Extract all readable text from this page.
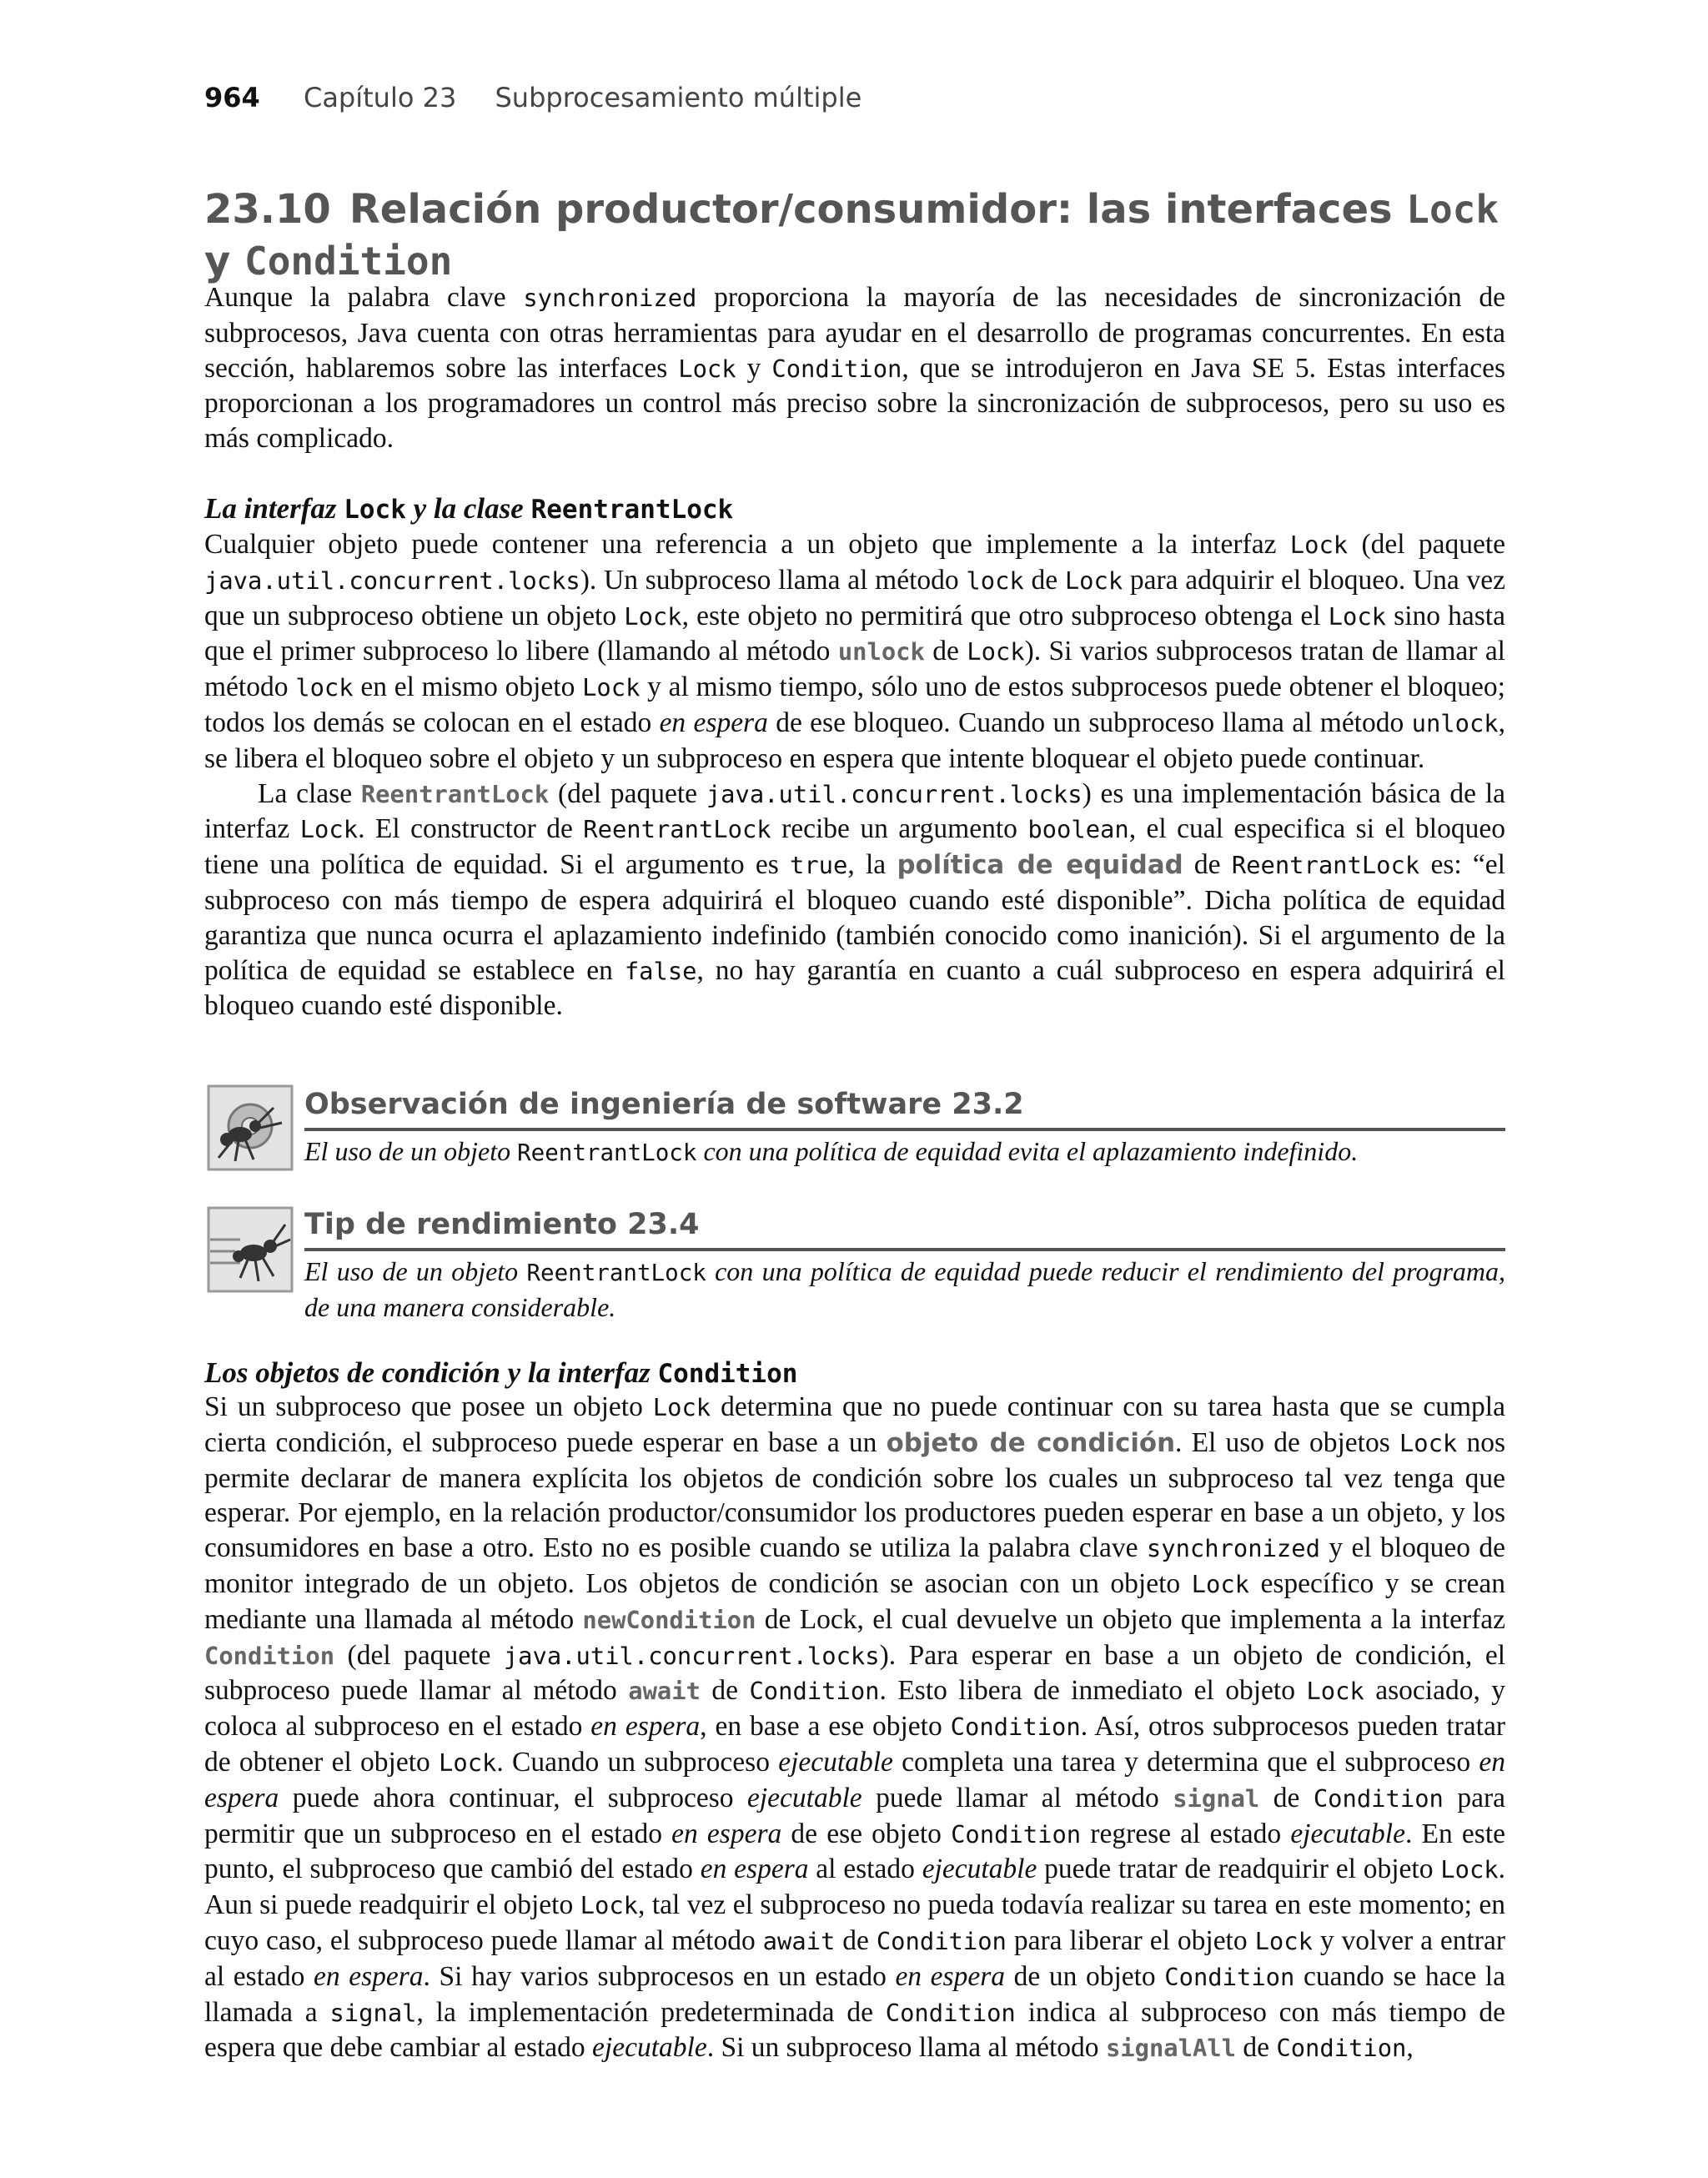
964 Capítulo 23 Subprocesamiento múltiple
23.10 Relación productor/consumidor: las interfaces Lock
y Condition

Aunque la palabra clave synchronized proporciona la mayoría de las necesidades de sincronización de subprocesos, Java cuenta con otras herramientas para ayudar en el desarrollo de programas concurrentes. En esta sección, hablaremos sobre las interfaces Lock y Condition, que se introdujeron en Java SE 5. Estas interfaces proporcionan a los programadores un control más preciso sobre la sincronización de subprocesos, pero su uso es más complicado.

La interfaz Lock y la clase ReentrantLock

Cualquier objeto puede contener una referencia a un objeto que implemente a la interfaz Lock (del paquete java.util.concurrent.locks). Un subproceso llama al método lock de Lock para adquirir el bloqueo. Una vez que un subproceso obtiene un objeto Lock, este objeto no permitirá que otro subproceso obtenga el Lock sino hasta que el primer subproceso lo libere (llamando al método unlock de Lock). Si varios subprocesos tratan de llamar al método lock en el mismo objeto Lock y al mismo tiempo, sólo uno de estos subprocesos puede obtener el bloqueo; todos los demás se colocan en el estado en espera de ese bloqueo. Cuando un subproceso llama al método unlock, se libera el bloqueo sobre el objeto y un subproceso en espera que intente bloquear el objeto puede continuar.

La clase ReentrantLock (del paquete java.util.concurrent.locks) es una implementación básica de la interfaz Lock. El constructor de ReentrantLock recibe un argumento boolean, el cual especifica si el bloqueo tiene una política de equidad. Si el argumento es true, la política de equidad de ReentrantLock es: “el subproceso con más tiempo de espera adquirirá el bloqueo cuando esté disponible”. Dicha política de equidad garantiza que nunca ocurra el aplazamiento indefinido (también conocido como inanición). Si el argumento de la política de equidad se establece en false, no hay garantía en cuanto a cuál subproceso en espera adquirirá el bloqueo cuando esté disponible.

Observación de ingeniería de software 23.2
El uso de un objeto ReentrantLock con una política de equidad evita el aplazamiento indefinido.
Tip de rendimiento 23.4
El uso de un objeto ReentrantLock con una política de equidad puede reducir el rendimiento del programa, de una manera considerable.
Los objetos de condición y la interfaz Condition

Si un subproceso que posee un objeto Lock determina que no puede continuar con su tarea hasta que se cumpla cierta condición, el subproceso puede esperar en base a un objeto de condición. El uso de objetos Lock nos permite declarar de manera explícita los objetos de condición sobre los cuales un subproceso tal vez tenga que esperar. Por ejemplo, en la relación productor/consumidor los productores pueden esperar en base a un objeto, y los consumidores en base a otro. Esto no es posible cuando se utiliza la palabra clave synchronized y el bloqueo de monitor integrado de un objeto. Los objetos de condición se asocian con un objeto Lock específico y se crean mediante una llamada al método newCondition de Lock, el cual devuelve un objeto que implementa a la interfaz Condition (del paquete java.util.concurrent.locks). Para esperar en base a un objeto de condición, el subproceso puede llamar al método await de Condition. Esto libera de inmediato el objeto Lock asociado, y coloca al subproceso en el estado en espera, en base a ese objeto Condition. Así, otros subprocesos pueden tratar de obtener el objeto Lock. Cuando un subproceso ejecutable completa una tarea y determina que el subproceso en espera puede ahora continuar, el subproceso ejecutable puede llamar al método signal de Condition para permitir que un subproceso en el estado en espera de ese objeto Condition regrese al estado ejecutable. En este punto, el subproceso que cambió del estado en espera al estado ejecutable puede tratar de readquirir el objeto Lock. Aun si puede readquirir el objeto Lock, tal vez el subproceso no pueda todavía realizar su tarea en este momento; en cuyo caso, el subproceso puede llamar al método await de Condition para liberar el objeto Lock y volver a entrar al estado en espera. Si hay varios subprocesos en un estado en espera de un objeto Condition cuando se hace la llamada a signal, la implementación predeterminada de Condition indica al subproceso con más tiempo de espera que debe cambiar al estado ejecutable. Si un subproceso llama al método signalAll de Condition,
